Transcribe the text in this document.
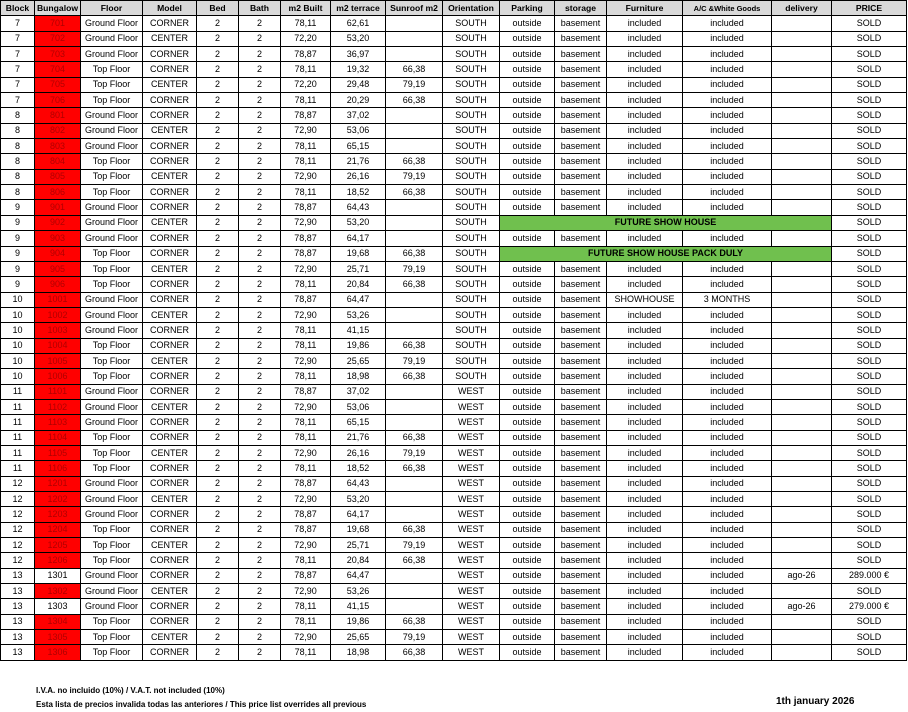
Block	Bungalow	Floor	Model	Bed	Bath	m2 Built	m2 terrace	Sunroof m2	Orientation	Parking	storage	Furniture	A/C &White Goods	delivery	PRICE
7	701	Ground Floor	CORNER	2	2	78,11	62,61		SOUTH	outside	basement	included	included		SOLD
7	702	Ground Floor	CENTER	2	2	72,20	53,20		SOUTH	outside	basement	included	included		SOLD
7	703	Ground Floor	CORNER	2	2	78,87	36,97		SOUTH	outside	basement	included	included		SOLD
7	704	Top Floor	CORNER	2	2	78,11	19,32	66,38	SOUTH	outside	basement	included	included		SOLD
7	705	Top Floor	CENTER	2	2	72,20	29,48	79,19	SOUTH	outside	basement	included	included		SOLD
7	706	Top Floor	CORNER	2	2	78,11	20,29	66,38	SOUTH	outside	basement	included	included		SOLD
8	801	Ground Floor	CORNER	2	2	78,87	37,02		SOUTH	outside	basement	included	included		SOLD
8	802	Ground Floor	CENTER	2	2	72,90	53,06		SOUTH	outside	basement	included	included		SOLD
8	803	Ground Floor	CORNER	2	2	78,11	65,15		SOUTH	outside	basement	included	included		SOLD
8	804	Top Floor	CORNER	2	2	78,11	21,76	66,38	SOUTH	outside	basement	included	included		SOLD
8	805	Top Floor	CENTER	2	2	72,90	26,16	79,19	SOUTH	outside	basement	included	included		SOLD
8	806	Top Floor	CORNER	2	2	78,11	18,52	66,38	SOUTH	outside	basement	included	included		SOLD
9	901	Ground Floor	CORNER	2	2	78,87	64,43		SOUTH	outside	basement	included	included		SOLD
9	902	Ground Floor	CENTER	2	2	72,90	53,20		SOUTH	FUTURE SHOW HOUSE					SOLD
9	903	Ground Floor	CORNER	2	2	78,87	64,17		SOUTH	outside	basement	included	included		SOLD
9	904	Top Floor	CORNER	2	2	78,87	19,68	66,38	SOUTH	FUTURE SHOW HOUSE PACK DULY					SOLD
9	905	Top Floor	CENTER	2	2	72,90	25,71	79,19	SOUTH	outside	basement	included	included		SOLD
9	906	Top Floor	CORNER	2	2	78,11	20,84	66,38	SOUTH	outside	basement	included	included		SOLD
10	1001	Ground Floor	CORNER	2	2	78,87	64,47		SOUTH	outside	basement	SHOWHOUSE	3 MONTHS		SOLD
10	1002	Ground Floor	CENTER	2	2	72,90	53,26		SOUTH	outside	basement	included	included		SOLD
10	1003	Ground Floor	CORNER	2	2	78,11	41,15		SOUTH	outside	basement	included	included		SOLD
10	1004	Top Floor	CORNER	2	2	78,11	19,86	66,38	SOUTH	outside	basement	included	included		SOLD
10	1005	Top Floor	CENTER	2	2	72,90	25,65	79,19	SOUTH	outside	basement	included	included		SOLD
10	1006	Top Floor	CORNER	2	2	78,11	18,98	66,38	SOUTH	outside	basement	included	included		SOLD
11	1101	Ground Floor	CORNER	2	2	78,87	37,02		WEST	outside	basement	included	included		SOLD
11	1102	Ground Floor	CENTER	2	2	72,90	53,06		WEST	outside	basement	included	included		SOLD
11	1103	Ground Floor	CORNER	2	2	78,11	65,15		WEST	outside	basement	included	included		SOLD
11	1104	Top Floor	CORNER	2	2	78,11	21,76	66,38	WEST	outside	basement	included	included		SOLD
11	1105	Top Floor	CENTER	2	2	72,90	26,16	79,19	WEST	outside	basement	included	included		SOLD
11	1106	Top Floor	CORNER	2	2	78,11	18,52	66,38	WEST	outside	basement	included	included		SOLD
12	1201	Ground Floor	CORNER	2	2	78,87	64,43		WEST	outside	basement	included	included		SOLD
12	1202	Ground Floor	CENTER	2	2	72,90	53,20		WEST	outside	basement	included	included		SOLD
12	1203	Ground Floor	CORNER	2	2	78,87	64,17		WEST	outside	basement	included	included		SOLD
12	1204	Top Floor	CORNER	2	2	78,87	19,68	66,38	WEST	outside	basement	included	included		SOLD
12	1205	Top Floor	CENTER	2	2	72,90	25,71	79,19	WEST	outside	basement	included	included		SOLD
12	1206	Top Floor	CORNER	2	2	78,11	20,84	66,38	WEST	outside	basement	included	included		SOLD
13	1301	Ground Floor	CORNER	2	2	78,87	64,47		WEST	outside	basement	included	included	ago-26	289.000 €
13	1302	Ground Floor	CENTER	2	2	72,90	53,26		WEST	outside	basement	included	included		SOLD
13	1303	Ground Floor	CORNER	2	2	78,11	41,15		WEST	outside	basement	included	included	ago-26	279.000 €
13	1304	Top Floor	CORNER	2	2	78,11	19,86	66,38	WEST	outside	basement	included	included		SOLD
13	1305	Top Floor	CENTER	2	2	72,90	25,65	79,19	WEST	outside	basement	included	included		SOLD
13	1306	Top Floor	CORNER	2	2	78,11	18,98	66,38	WEST	outside	basement	included	included		SOLD
I.V.A. no incluido (10%) / V.A.T. not included (10%)
Esta lista de precios invalida todas las anteriores / This price list overrides all previous	1th january 2026
